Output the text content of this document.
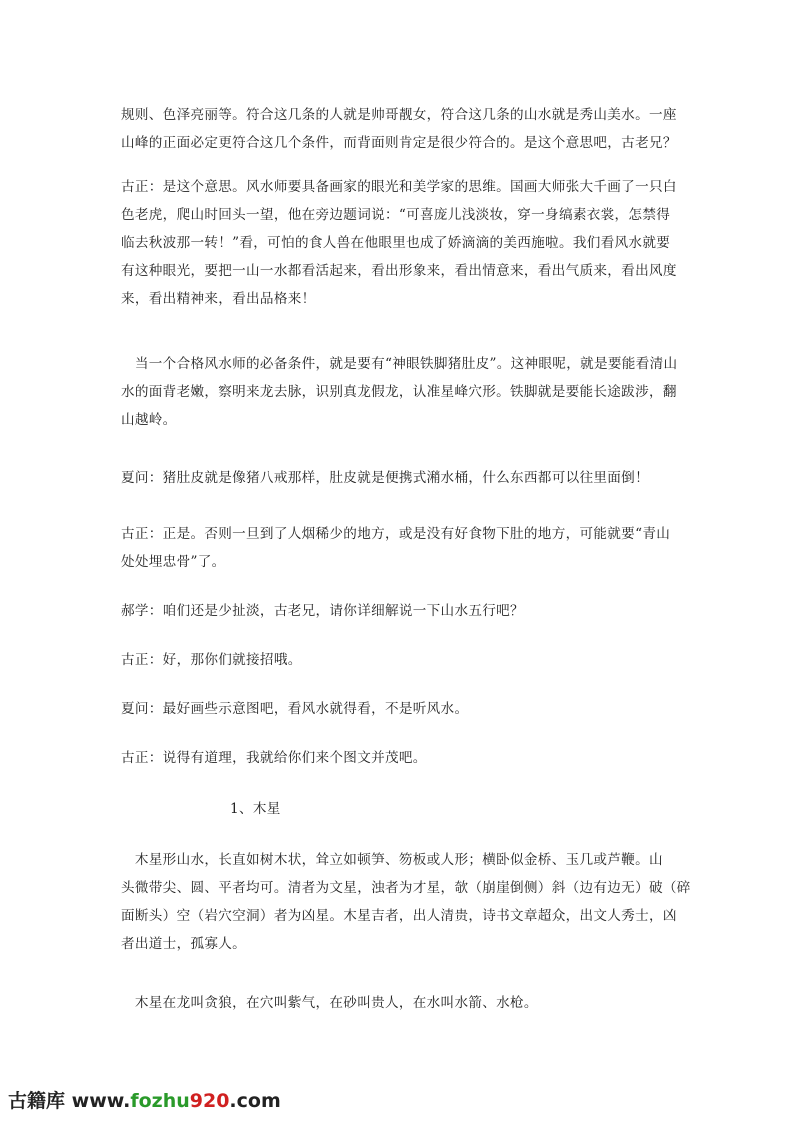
规则、色泽亮丽等。符合这几条的人就是帅哥靓女，符合这几条的山水就是秀山美水。一座
山峰的正面必定更符合这几个条件，而背面则肯定是很少符合的。是这个意思吧，古老兄？
古正：是这个意思。风水师要具备画家的眼光和美学家的思维。国画大师张大千画了一只白
色老虎，爬山时回头一望，他在旁边题词说：“可喜庞儿浅淡妆，穿一身缟素衣裳，怎禁得
临去秋波那一转！”看，可怕的食人兽在他眼里也成了娇滴滴的美西施啦。我们看风水就要
有这种眼光，要把一山一水都看活起来，看出形象来，看出情意来，看出气质来，看出风度
来，看出精神来，看出品格来！
　当一个合格风水师的必备条件，就是要有“神眼铁脚猪肚皮”。这神眼呢，就是要能看清山
水的面背老嫩，察明来龙去脉，识别真龙假龙，认准星峰穴形。铁脚就是要能长途跋涉，翻
山越岭。
夏问：猪肚皮就是像猪八戒那样，肚皮就是便携式潲水桶，什么东西都可以往里面倒！
古正：正是。否则一旦到了人烟稀少的地方，或是没有好食物下肚的地方，可能就要“青山
处处埋忠骨”了。
郝学：咱们还是少扯淡，古老兄，请你详细解说一下山水五行吧？
古正：好，那你们就接招哦。
夏问：最好画些示意图吧，看风水就得看，不是听风水。
古正：说得有道理，我就给你们来个图文并茂吧。
1、木星
　木星形山水，长直如树木状，耸立如顿笋、笏板或人形；横卧似金桥、玉几或芦鞭。山
头微带尖、圆、平者均可。清者为文星，浊者为才星，欹（崩崖倒侧）斜（边有边无）破（碎
面断头）空（岩穴空洞）者为凶星。木星吉者，出人清贵，诗书文章超众，出文人秀士，凶
者出道士，孤寡人。
　木星在龙叫贪狼，在穴叫紫气，在砂叫贵人，在水叫水箭、水枪。
古籍库 www.fozhu920.com
